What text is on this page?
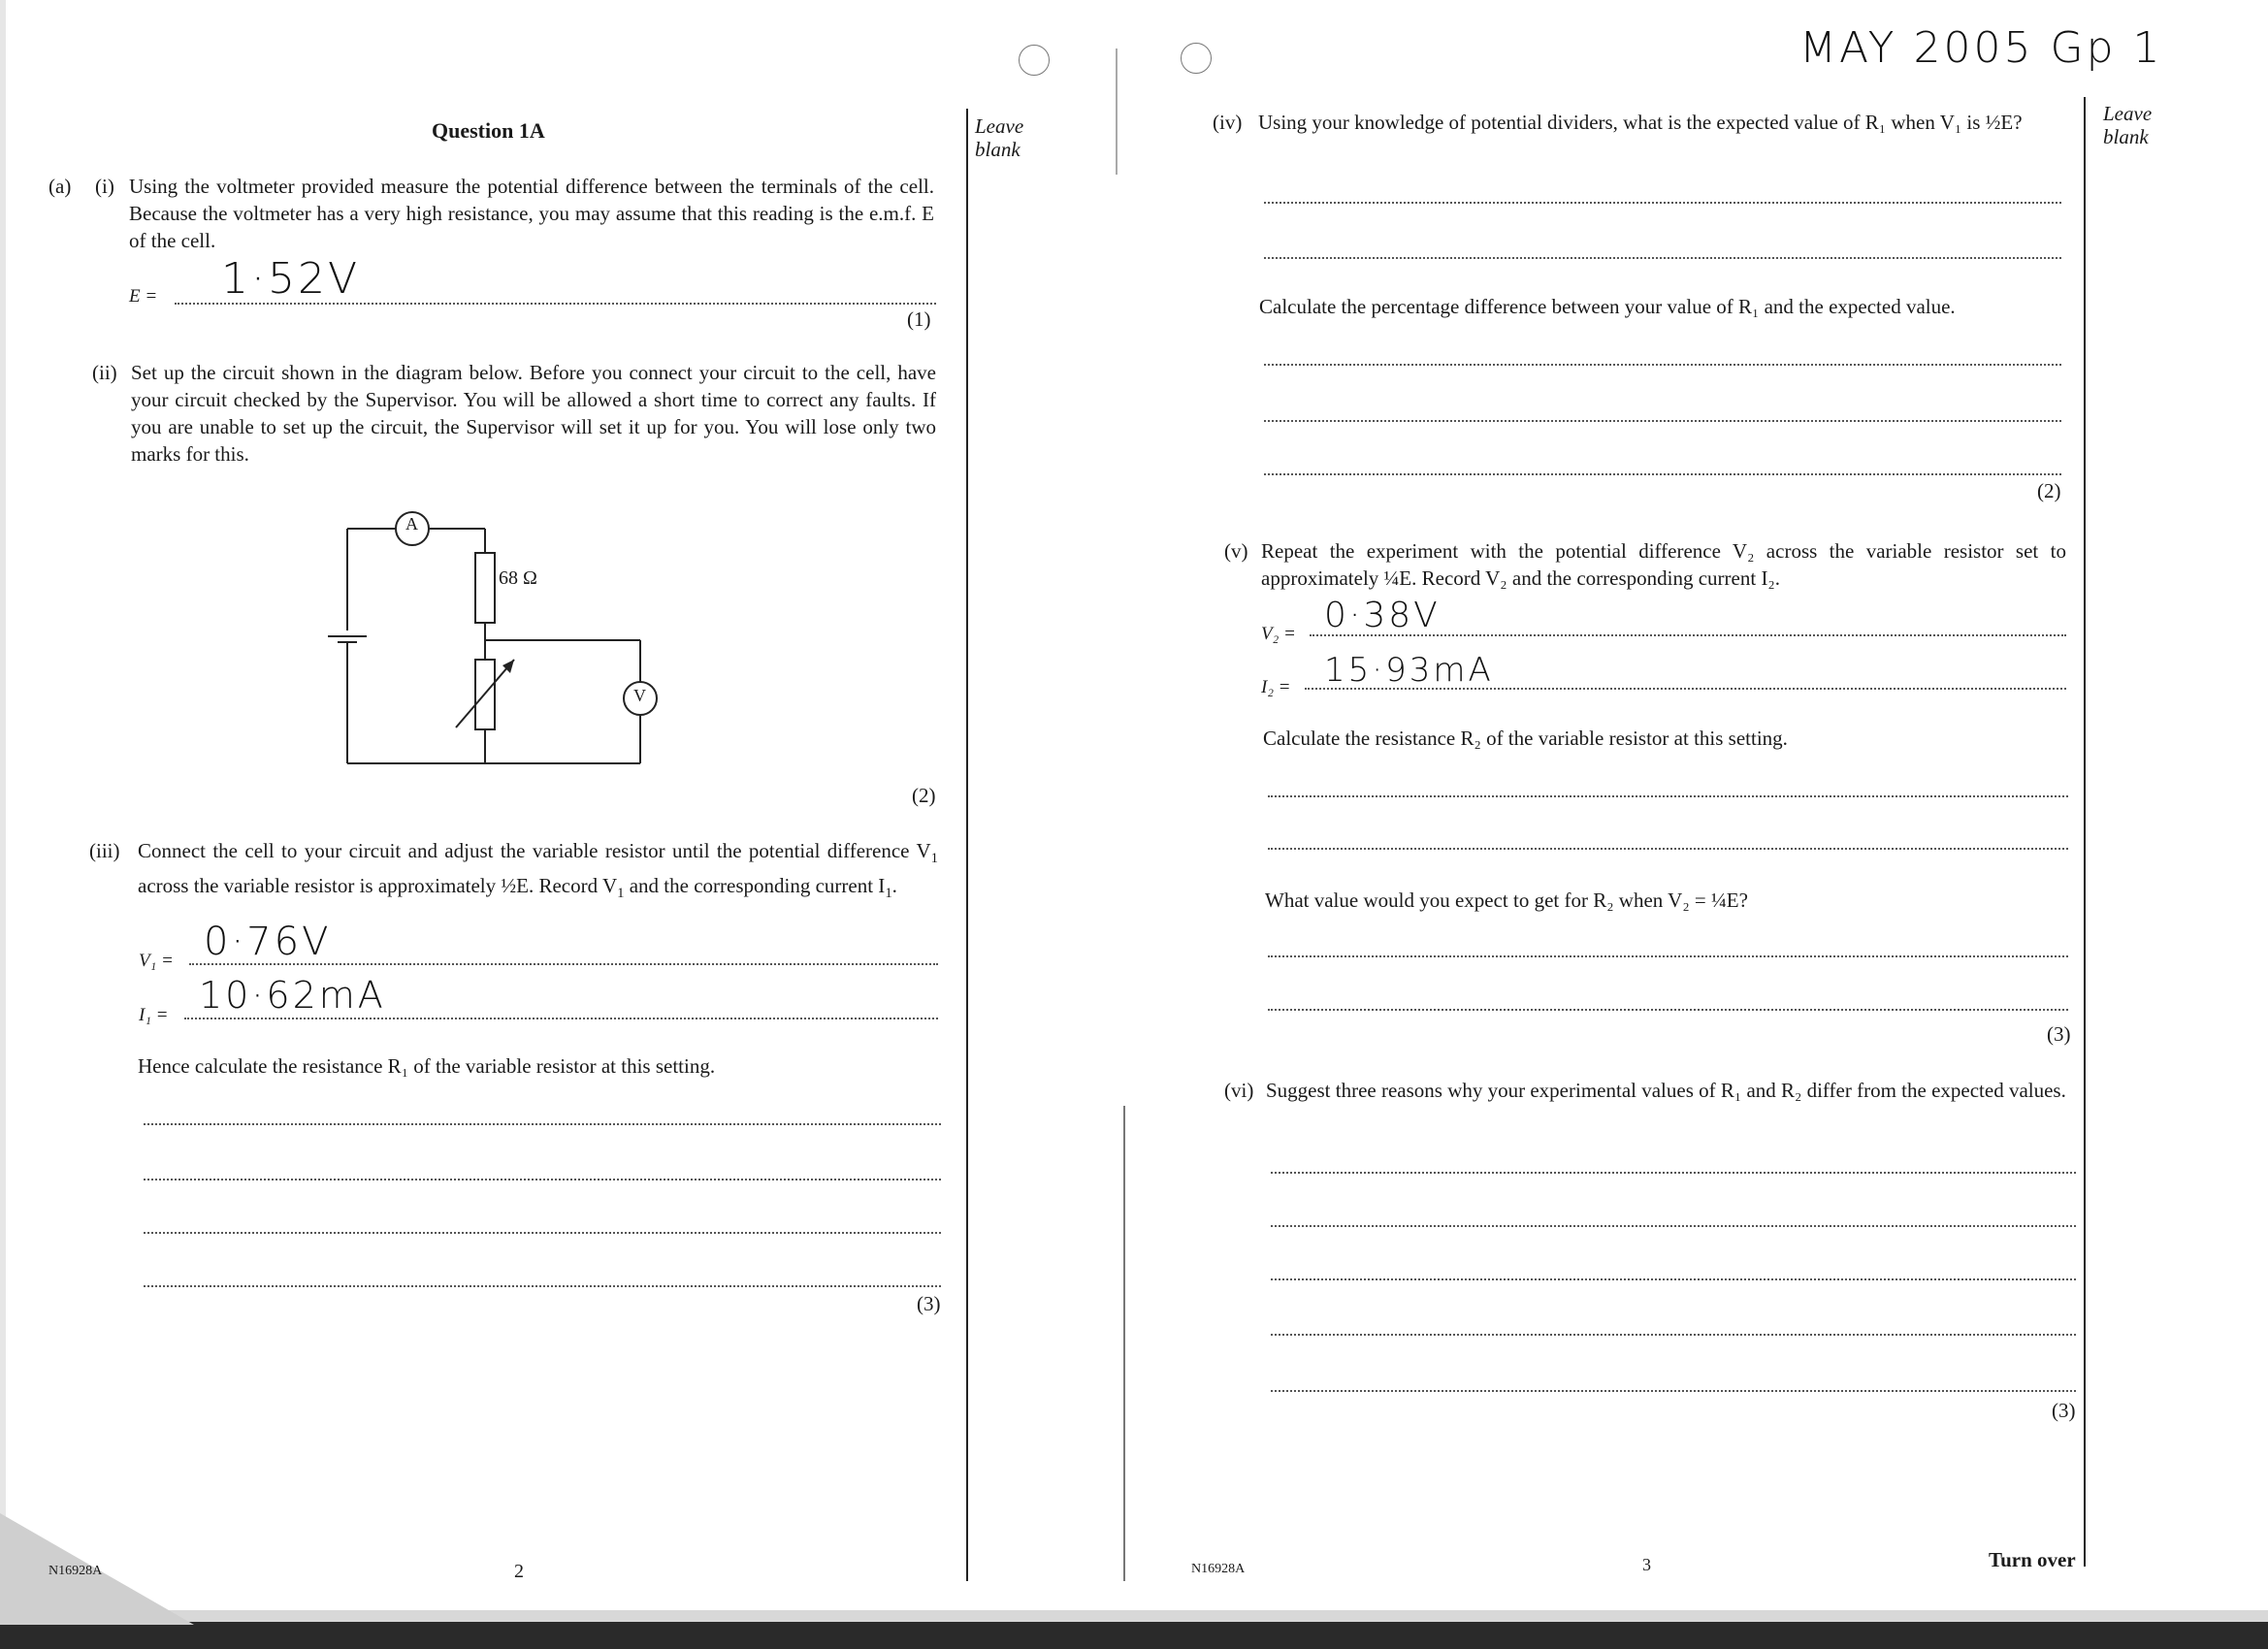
MAY 2005 Gp 1
Question 1A	Leave
blank
(a) (i) Using the voltmeter provided measure the potential difference between the terminals of the cell. Because the voltmeter has a very high resistance, you may assume that this reading is the e.m.f. E of the cell.
E = 1·52V
(1)
(ii) Set up the circuit shown in the diagram below. Before you connect your circuit to the cell, have your circuit checked by the Supervisor. You will be allowed a short time to correct any faults. If you are unable to set up the circuit, the Supervisor will set it up for you. You will lose only two marks for this.
A
V
68 Ω
(2)
(iii) Connect the cell to your circuit and adjust the variable resistor until the potential difference $V_1$ across the variable resistor is approximately ½E. Record $V_1$ and the corresponding current $I_1$.
V₁ = 0·76V
I₁ = 10·62mA
Hence calculate the resistance R₁ of the variable resistor at this setting.
(3)
N16928A	2
Leave
blank
(iv) Using your knowledge of potential dividers, what is the expected value of R₁ when V₁ is ½E?
Calculate the percentage difference between your value of R₁ and the expected value.
(2)
(v) Repeat the experiment with the potential difference V₂ across the variable resistor set to approximately ¼E. Record V₂ and the corresponding current I₂.
V₂ = 0·38V
I₂ = 15·93mA
Calculate the resistance R₂ of the variable resistor at this setting.
What value would you expect to get for R₂ when V₂ = ¼E?
(3)
(vi) Suggest three reasons why your experimental values of R₁ and R₂ differ from the expected values.
(3)
N16928A	3	Turn over
